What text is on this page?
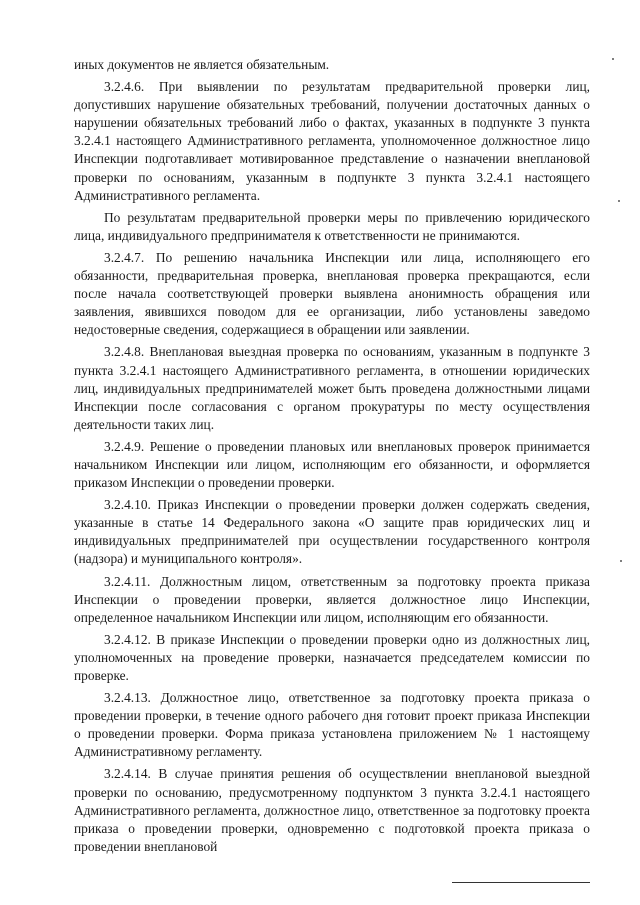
иных документов не является обязательным.

3.2.4.6. При выявлении по результатам предварительной проверки лиц, допустивших нарушение обязательных требований, получении достаточных данных о нарушении обязательных требований либо о фактах, указанных в подпункте 3 пункта 3.2.4.1 настоящего Административного регламента, уполномоченное должностное лицо Инспекции подготавливает мотивированное представление о назначении внеплановой проверки по основаниям, указанным в подпункте 3 пункта 3.2.4.1 настоящего Административного регламента.

По результатам предварительной проверки меры по привлечению юридического лица, индивидуального предпринимателя к ответственности не принимаются.

3.2.4.7. По решению начальника Инспекции или лица, исполняющего его обязанности, предварительная проверка, внеплановая проверка прекращаются, если после начала соответствующей проверки выявлена анонимность обращения или заявления, явившихся поводом для ее организации, либо установлены заведомо недостоверные сведения, содержащиеся в обращении или заявлении.

3.2.4.8. Внеплановая выездная проверка по основаниям, указанным в подпункте 3 пункта 3.2.4.1 настоящего Административного регламента, в отношении юридических лиц, индивидуальных предпринимателей может быть проведена должностными лицами Инспекции после согласования с органом прокуратуры по месту осуществления деятельности таких лиц.

3.2.4.9. Решение о проведении плановых или внеплановых проверок принимается начальником Инспекции или лицом, исполняющим его обязанности, и оформляется приказом Инспекции о проведении проверки.

3.2.4.10. Приказ Инспекции о проведении проверки должен содержать сведения, указанные в статье 14 Федерального закона «О защите прав юридических лиц и индивидуальных предпринимателей при осуществлении государственного контроля (надзора) и муниципального контроля».

3.2.4.11. Должностным лицом, ответственным за подготовку проекта приказа Инспекции о проведении проверки, является должностное лицо Инспекции, определенное начальником Инспекции или лицом, исполняющим его обязанности.

3.2.4.12. В приказе Инспекции о проведении проверки одно из должностных лиц, уполномоченных на проведение проверки, назначается председателем комиссии по проверке.

3.2.4.13. Должностное лицо, ответственное за подготовку проекта приказа о проведении проверки, в течение одного рабочего дня готовит проект приказа Инспекции о проведении проверки. Форма приказа установлена приложением № 1 настоящему Административному регламенту.

3.2.4.14. В случае принятия решения об осуществлении внеплановой выездной проверки по основанию, предусмотренному подпунктом 3 пункта 3.2.4.1 настоящего Административного регламента, должностное лицо, ответственное за подготовку проекта приказа о проведении проверки, одновременно с подготовкой проекта приказа о проведении внеплановой
